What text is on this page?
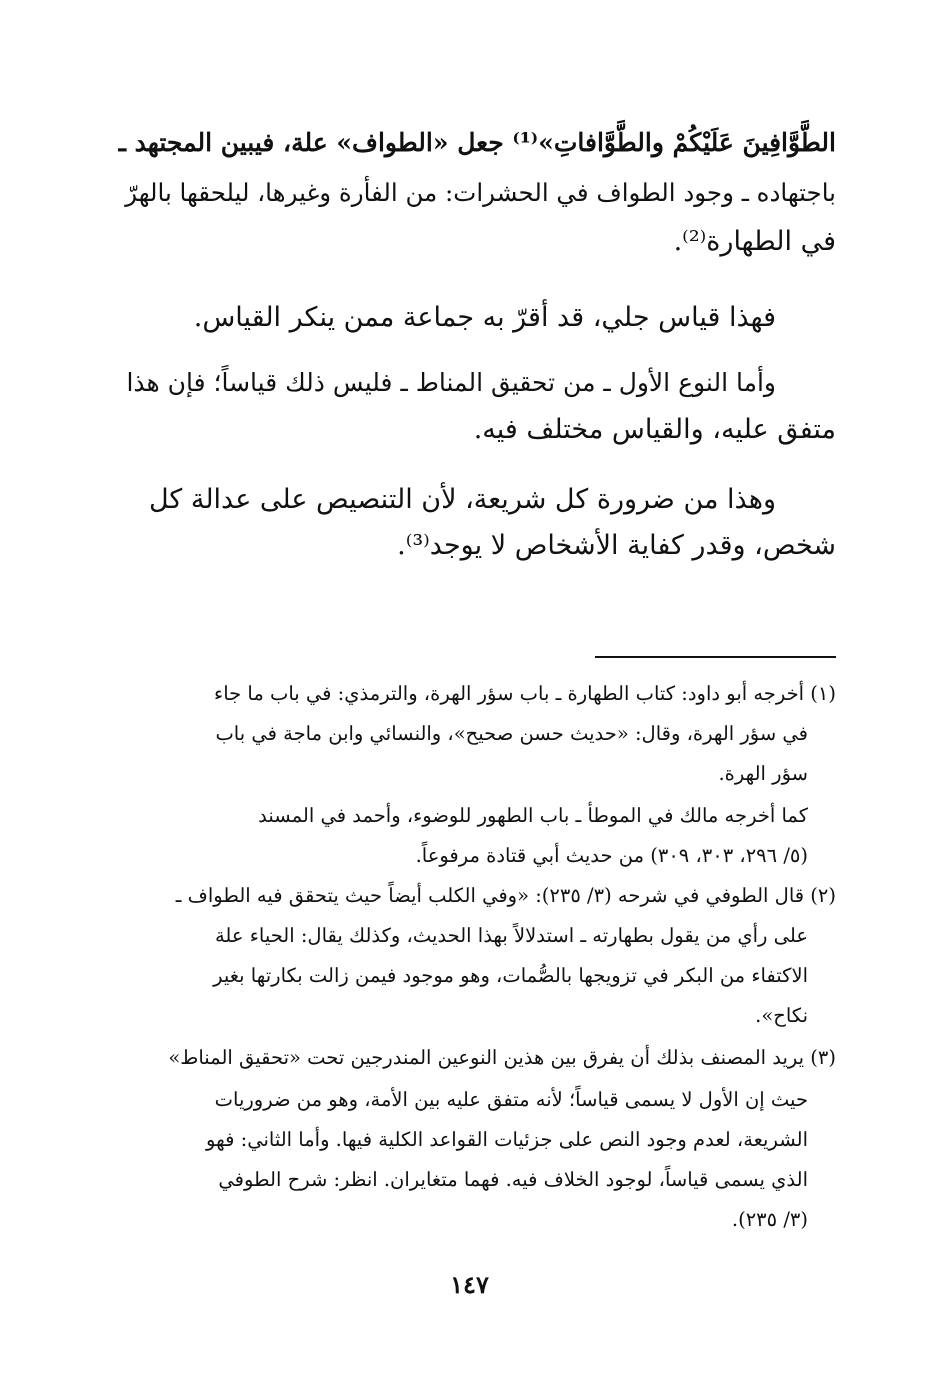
الطَّوَّافِينَ عَلَيْكُمْ والطَّوَّافاتِ»⁽¹⁾ جعل «الطواف» علة، فيبين المجتهد ـ
باجتهاده ـ وجود الطواف في الحشرات: من الفأرة وغيرها، ليلحقها بالهرّ
في الطهارة⁽²⁾.
فهذا قياس جلي، قد أقرّ به جماعة ممن ينكر القياس.
وأما النوع الأول ـ من تحقيق المناط ـ فليس ذلك قياساً؛ فإن هذا
متفق عليه، والقياس مختلف فيه.
وهذا من ضرورة كل شريعة، لأن التنصيص على عدالة كل
شخص، وقدر كفاية الأشخاص لا يوجد⁽³⁾.
(١) أخرجه أبو داود: كتاب الطهارة ـ باب سؤر الهرة، والترمذي: في باب ما جاء
في سؤر الهرة، وقال: «حديث حسن صحيح»، والنسائي وابن ماجة في باب
سؤر الهرة.
كما أخرجه مالك في الموطأ ـ باب الطهور للوضوء، وأحمد في المسند
(٥/ ٢٩٦، ٣٠٣، ٣٠٩) من حديث أبي قتادة مرفوعاً.
(٢) قال الطوفي في شرحه (٣/ ٢٣٥): «وفي الكلب أيضاً حيث يتحقق فيه الطواف ـ
على رأي من يقول بطهارته ـ استدلالاً بهذا الحديث، وكذلك يقال: الحياء علة
الاكتفاء من البكر في تزويجها بالصُّمات، وهو موجود فيمن زالت بكارتها بغير
نكاح».
(٣) يريد المصنف بذلك أن يفرق بين هذين النوعين المندرجين تحت «تحقيق المناط»
حيث إن الأول لا يسمى قياساً؛ لأنه متفق عليه بين الأمة، وهو من ضروريات
الشريعة، لعدم وجود النص على جزئيات القواعد الكلية فيها. وأما الثاني: فهو
الذي يسمى قياساً، لوجود الخلاف فيه. فهما متغايران. انظر: شرح الطوفي
(٣/ ٢٣٥).
١٤٧
